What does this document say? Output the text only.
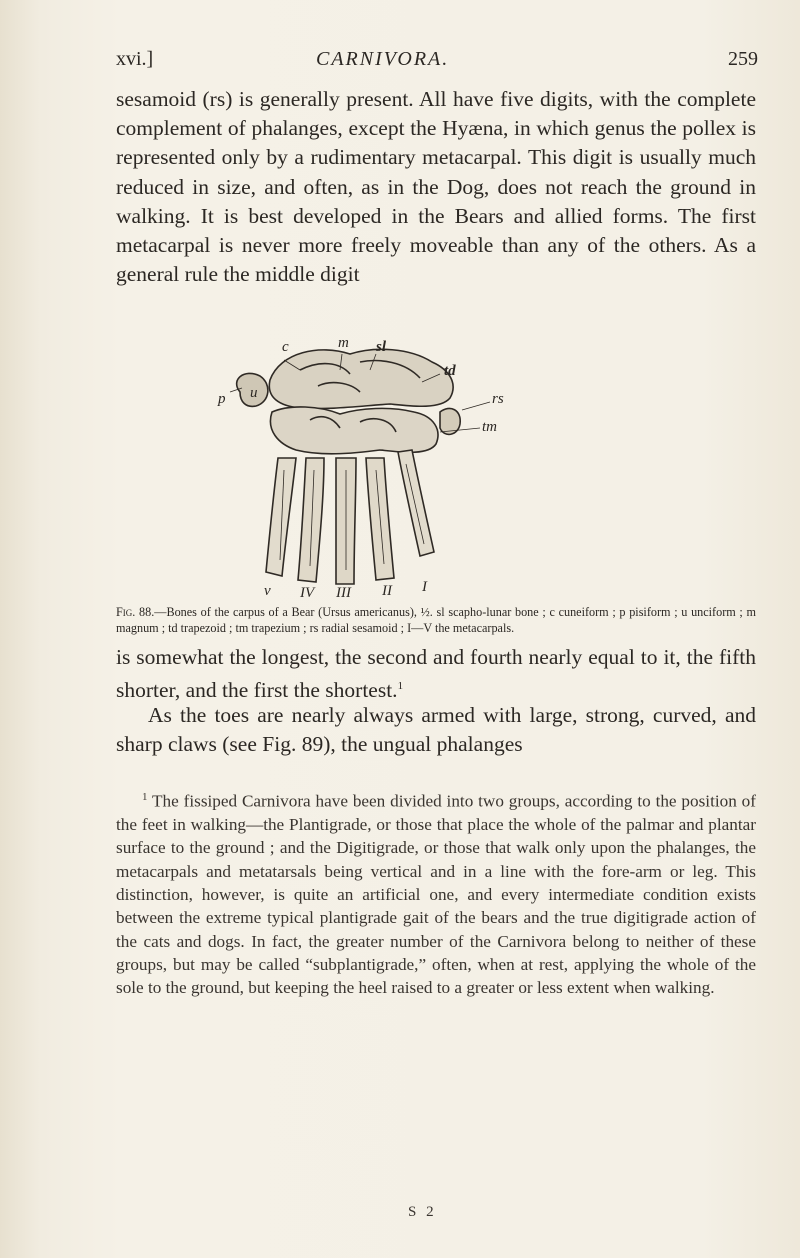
xvi.]	CARNIVORA.	259

sesamoid (rs) is generally present. All have five digits, with the complete complement of phalanges, except the Hyæna, in which genus the pollex is represented only by a rudimentary metacarpal. This digit is usually much reduced in size, and often, as in the Dog, does not reach the ground in walking. It is best developed in the Bears and allied forms. The first metacarpal is never more freely moveable than any of the others. As a general rule the middle digit

c	m sl
td
rs
p u
tm
v IV III II I

Fig. 88.—Bones of the carpus of a Bear (Ursus americanus), ½. sl scapho-lunar bone ; c cuneiform ; p pisiform ; u unciform ; m magnum ; td trapezoid ; tm trapezium ; rs radial sesamoid ; I—V the metacarpals.

is somewhat the longest, the second and fourth nearly equal to it, the fifth shorter, and the first the shortest.$^1$

As the toes are nearly always armed with large, strong, curved, and sharp claws (see Fig. 89), the ungual phalanges

$^1$ The fissiped Carnivora have been divided into two groups, according to the position of the feet in walking—the Plantigrade, or those that place the whole of the palmar and plantar surface to the ground ; and the Digitigrade, or those that walk only upon the phalanges, the metacarpals and metatarsals being vertical and in a line with the fore-arm or leg. This distinction, however, is quite an artificial one, and every intermediate condition exists between the extreme typical plantigrade gait of the bears and the true digitigrade action of the cats and dogs. In fact, the greater number of the Carnivora belong to neither of these groups, but may be called “subplantigrade,” often, when at rest, applying the whole of the sole to the ground, but keeping the heel raised to a greater or less extent when walking.

S 2
